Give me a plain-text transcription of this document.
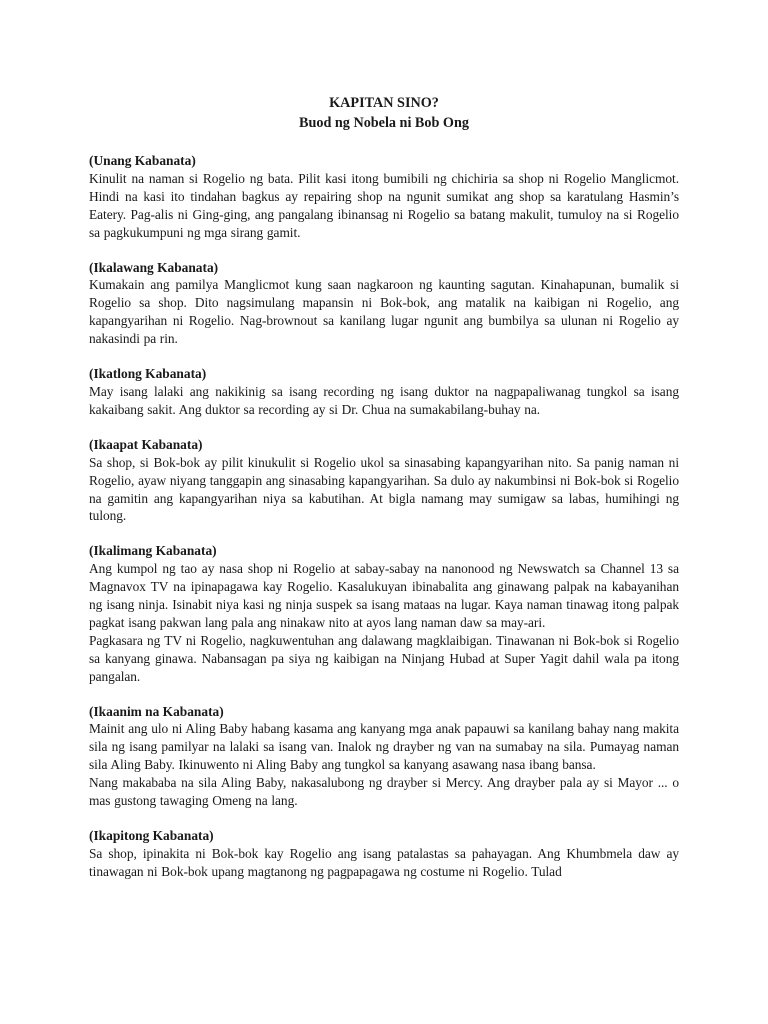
KAPITAN SINO?
Buod ng Nobela ni Bob Ong
(Unang Kabanata)
Kinulit na naman si Rogelio ng bata. Pilit kasi itong bumibili ng chichiria sa shop ni Rogelio Manglicmot. Hindi na kasi ito tindahan bagkus ay repairing shop na ngunit sumikat ang shop sa karatulang Hasmin’s Eatery. Pag-alis ni Ging-ging, ang pangalang ibinansag ni Rogelio sa batang makulit, tumuloy na si Rogelio sa pagkukumpuni ng mga sirang gamit.
(Ikalawang Kabanata)
Kumakain ang pamilya Manglicmot kung saan nagkaroon ng kaunting sagutan. Kinahapunan, bumalik si Rogelio sa shop. Dito nagsimulang mapansin ni Bok-bok, ang matalik na kaibigan ni Rogelio, ang kapangyarihan ni Rogelio. Nag-brownout sa kanilang lugar ngunit ang bumbilya sa ulunan ni Rogelio ay nakasindi pa rin.
(Ikatlong Kabanata)
May isang lalaki ang nakikinig sa isang recording ng isang duktor na nagpapaliwanag tungkol sa isang kakaibang sakit. Ang duktor sa recording ay si Dr. Chua na sumakabilang-buhay na.
(Ikaapat Kabanata)
Sa shop, si Bok-bok ay pilit kinukulit si Rogelio ukol sa sinasabing kapangyarihan nito. Sa panig naman ni Rogelio, ayaw niyang tanggapin ang sinasabing kapangyarihan. Sa dulo ay nakumbinsi ni Bok-bok si Rogelio na gamitin ang kapangyarihan niya sa kabutihan. At bigla namang may sumigaw sa labas, humihingi ng tulong.
(Ikalimang Kabanata)
Ang kumpol ng tao ay nasa shop ni Rogelio at sabay-sabay na nanonood ng Newswatch sa Channel 13 sa Magnavox TV na ipinapagawa kay Rogelio. Kasalukuyan ibinabalita ang ginawang palpak na kabayanihan ng isang ninja. Isinabit niya kasi ng ninja suspek sa isang mataas na lugar. Kaya naman tinawag itong palpak pagkat isang pakwan lang pala ang ninakaw nito at ayos lang naman daw sa may-ari.
Pagkasara ng TV ni Rogelio, nagkuwentuhan ang dalawang magklaibigan. Tinawanan ni Bok-bok si Rogelio sa kanyang ginawa. Nabansagan pa siya ng kaibigan na Ninjang Hubad at Super Yagit dahil wala pa itong pangalan.
(Ikaanim na Kabanata)
Mainit ang ulo ni Aling Baby habang kasama ang kanyang mga anak papauwi sa kanilang bahay nang makita sila ng isang pamilyar na lalaki sa isang van. Inalok ng drayber ng van na sumabay na sila. Pumayag naman sila Aling Baby. Ikinuwento ni Aling Baby ang tungkol sa kanyang asawang nasa ibang bansa.
Nang makababa na sila Aling Baby, nakasalubong ng drayber si Mercy. Ang drayber pala ay si Mayor ... o mas gustong tawaging Omeng na lang.
(Ikapitong Kabanata)
Sa shop, ipinakita ni Bok-bok kay Rogelio ang isang patalastas sa pahayagan. Ang Khumbmela daw ay tinawagan ni Bok-bok upang magtanong ng pagpapagawa ng costume ni Rogelio. Tulad
